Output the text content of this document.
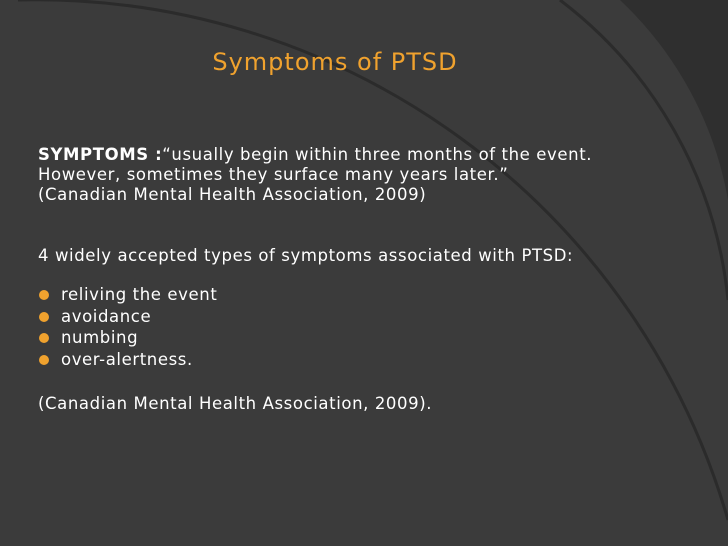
Symptoms of PTSD

SYMPTOMS :“usually begin within three months of the event.

However, sometimes they surface many years later.”

(Canadian Mental Health Association, 2009)

4 widely accepted types of symptoms associated with PTSD:

reliving the event
avoidance
numbing
over-alertness.

(Canadian Mental Health Association, 2009).
